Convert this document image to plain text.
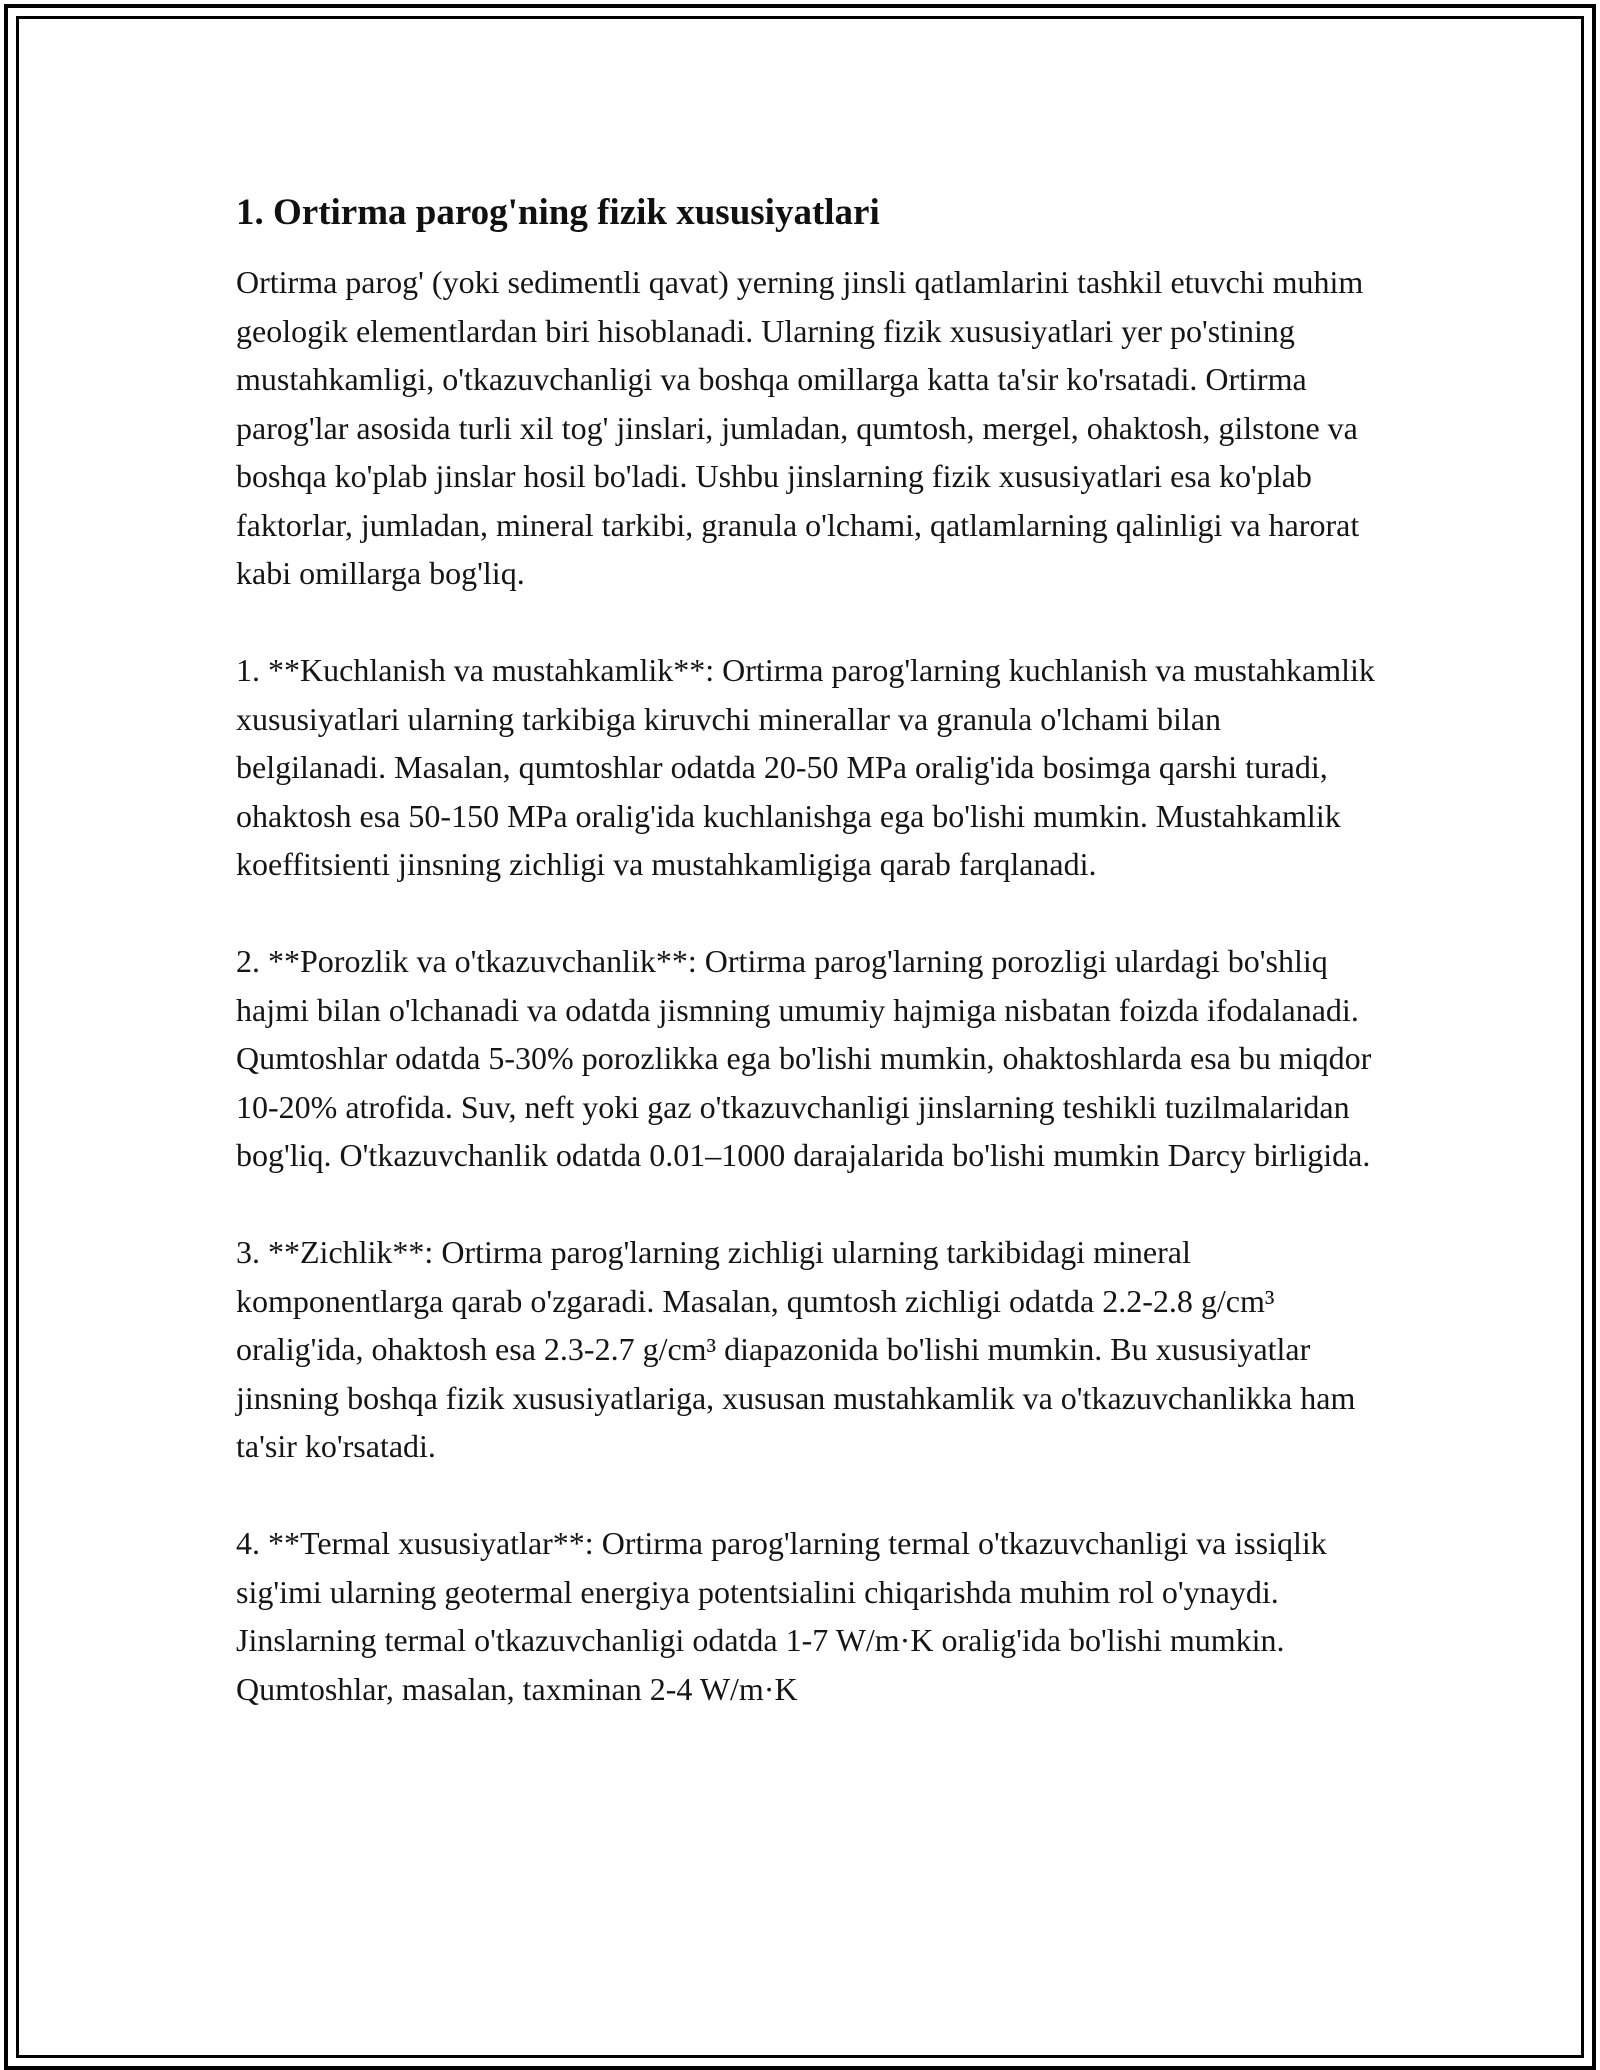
1. Ortirma parog'ning fizik xususiyatlari

Ortirma parog' (yoki sedimentli qavat) yerning jinsli qatlamlarini tashkil etuvchi muhim geologik elementlardan biri hisoblanadi. Ularning fizik xususiyatlari yer po'stining mustahkamligi, o'tkazuvchanligi va boshqa omillarga katta ta'sir ko'rsatadi. Ortirma parog'lar asosida turli xil tog' jinslari, jumladan, qumtosh, mergel, ohaktosh, gilstone va boshqa ko'plab jinslar hosil bo'ladi. Ushbu jinslarning fizik xususiyatlari esa ko'plab faktorlar, jumladan, mineral tarkibi, granula o'lchami, qatlamlarning qalinligi va harorat kabi omillarga bog'liq.

1. **Kuchlanish va mustahkamlik**: Ortirma parog'larning kuchlanish va mustahkamlik xususiyatlari ularning tarkibiga kiruvchi minerallar va granula o'lchami bilan belgilanadi. Masalan, qumtoshlar odatda 20-50 MPa oralig'ida bosimga qarshi turadi, ohaktosh esa 50-150 MPa oralig'ida kuchlanishga ega bo'lishi mumkin. Mustahkamlik koeffitsienti jinsning zichligi va mustahkamligiga qarab farqlanadi.

2. **Porozlik va o'tkazuvchanlik**: Ortirma parog'larning porozligi ulardagi bo'shliq hajmi bilan o'lchanadi va odatda jismning umumiy hajmiga nisbatan foizda ifodalanadi. Qumtoshlar odatda 5-30% porozlikka ega bo'lishi mumkin, ohaktoshlarda esa bu miqdor 10-20% atrofida. Suv, neft yoki gaz o'tkazuvchanligi jinslarning teshikli tuzilmalaridan bog'liq. O'tkazuvchanlik odatda 0.01–1000 darajalarida bo'lishi mumkin Darcy birligida.

3. **Zichlik**: Ortirma parog'larning zichligi ularning tarkibidagi mineral komponentlarga qarab o'zgaradi. Masalan, qumtosh zichligi odatda 2.2-2.8 g/cm³ oralig'ida, ohaktosh esa 2.3-2.7 g/cm³ diapazonida bo'lishi mumkin. Bu xususiyatlar jinsning boshqa fizik xususiyatlariga, xususan mustahkamlik va o'tkazuvchanlikka ham ta'sir ko'rsatadi.

4. **Termal xususiyatlar**: Ortirma parog'larning termal o'tkazuvchanligi va issiqlik sig'imi ularning geotermal energiya potentsialini chiqarishda muhim rol o'ynaydi. Jinslarning termal o'tkazuvchanligi odatda 1-7 W/m·K oralig'ida bo'lishi mumkin. Qumtoshlar, masalan, taxminan 2-4 W/m·K
